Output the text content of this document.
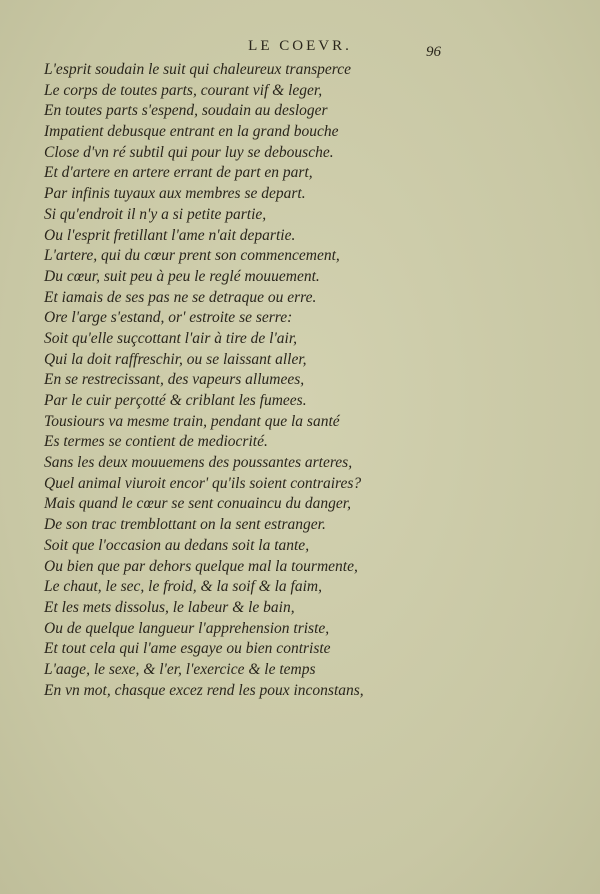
LE COEVR.	96
L'esprit soudain le suit qui chaleureux transperce
Le corps de toutes parts, courant vif & leger,
En toutes parts s'espend, soudain au desloger
Impatient debusque entrant en la grand bouche
Close d'vn ré subtil qui pour luy se debousche.
Et d'artere en artere errant de part en part,
Par infinis tuyaux aux membres se depart.
Si qu'endroit il n'y a si petite partie,
Ou l'esprit fretillant l'ame n'ait departie.
L'artere, qui du cœur prent son commencement,
Du cœur, suit peu à peu le reglé mouuement.
Et iamais de ses pas ne se detraque ou erre.
Ore l'arge s'estand, or' estroite se serre:
Soit qu'elle suçcottant l'air à tire de l'air,
Qui la doit raffreschir, ou se laissant aller,
En se restrecissant, des vapeurs allumees,
Par le cuir perçotté & criblant les fumees.
Tousiours va mesme train, pendant que la santé
Es termes se contient de mediocrité.
Sans les deux mouuemens des poussantes arteres,
Quel animal viuroit encor' qu'ils soient contraires?
Mais quand le cœur se sent conuaincu du danger,
De son trac tremblottant on la sent estranger.
Soit que l'occasion au dedans soit la tante,
Ou bien que par dehors quelque mal la tourmente,
Le chaut, le sec, le froid, & la soif & la faim,
Et les mets dissolus, le labeur & le bain,
Ou de quelque langueur l'apprehension triste,
Et tout cela qui l'ame esgaye ou bien contriste
L'aage, le sexe, & l'er, l'exercice & le temps
En vn mot, chasque excez rend les poux inconstans,
